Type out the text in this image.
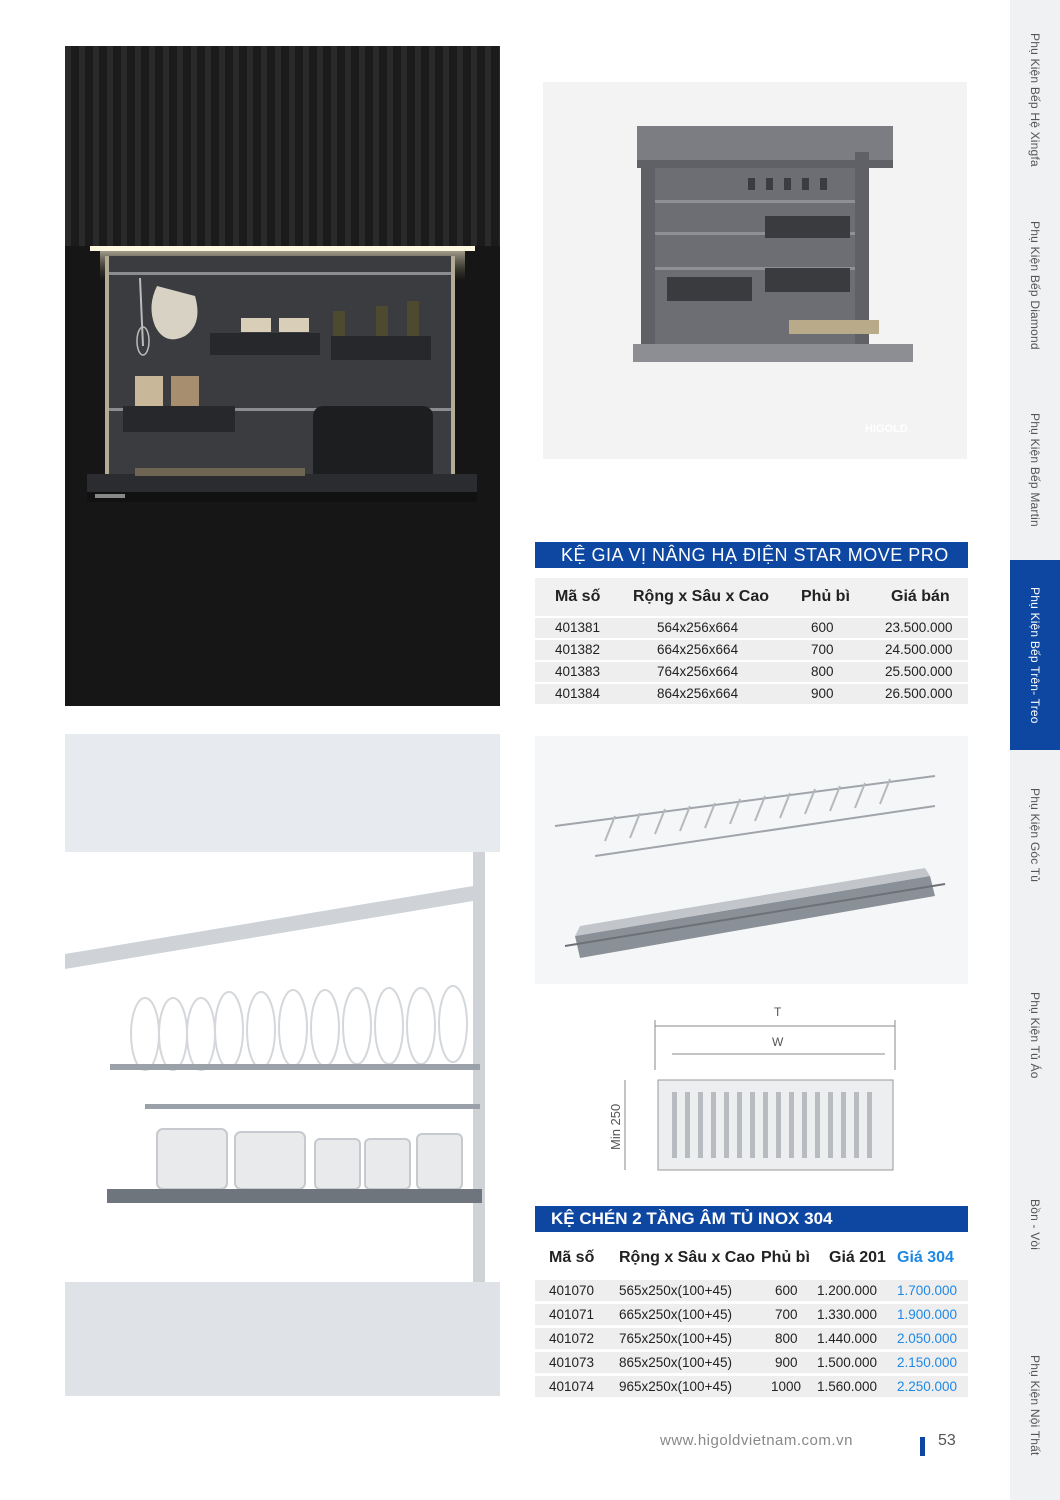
Phụ Kiện Bếp Hệ Xingfa
Phụ Kiện Bếp Diamond
Phụ Kiện Bếp Martin
Phụ Kiện Bếp Trên- Treo
Phụ Kiện Góc Tủ
Phụ Kiện Tủ Áo
Bồn - Vòi
Phụ Kiện Nội Thất
HIGOLD
KỆ GIA VỊ NÂNG HẠ ĐIỆN STAR MOVE PRO
Mã số Rộng x Sâu x Cao Phủ bì	Giá bán
401381	564x256x664	600	23.500.000
401382	664x256x664	700	24.500.000
401383	764x256x664	800	25.500.000
401384	864x256x664	900	26.500.000
T
W
Min 250
KỆ CHÉN 2 TẦNG ÂM TỦ INOX 304
Mã số Rộng x Sâu x Cao Phủ bì Giá 201 Giá 304
401070 565x250x(100+45)	600 1.200.000 1.700.000
401071 665x250x(100+45)	700 1.330.000 1.900.000
401072 765x250x(100+45)	800 1.440.000 2.050.000
401073 865x250x(100+45)	900 1.500.000 2.150.000
401074 965x250x(100+45)	1000 1.560.000 2.250.000
www.higoldvietnam.com.vn	53
